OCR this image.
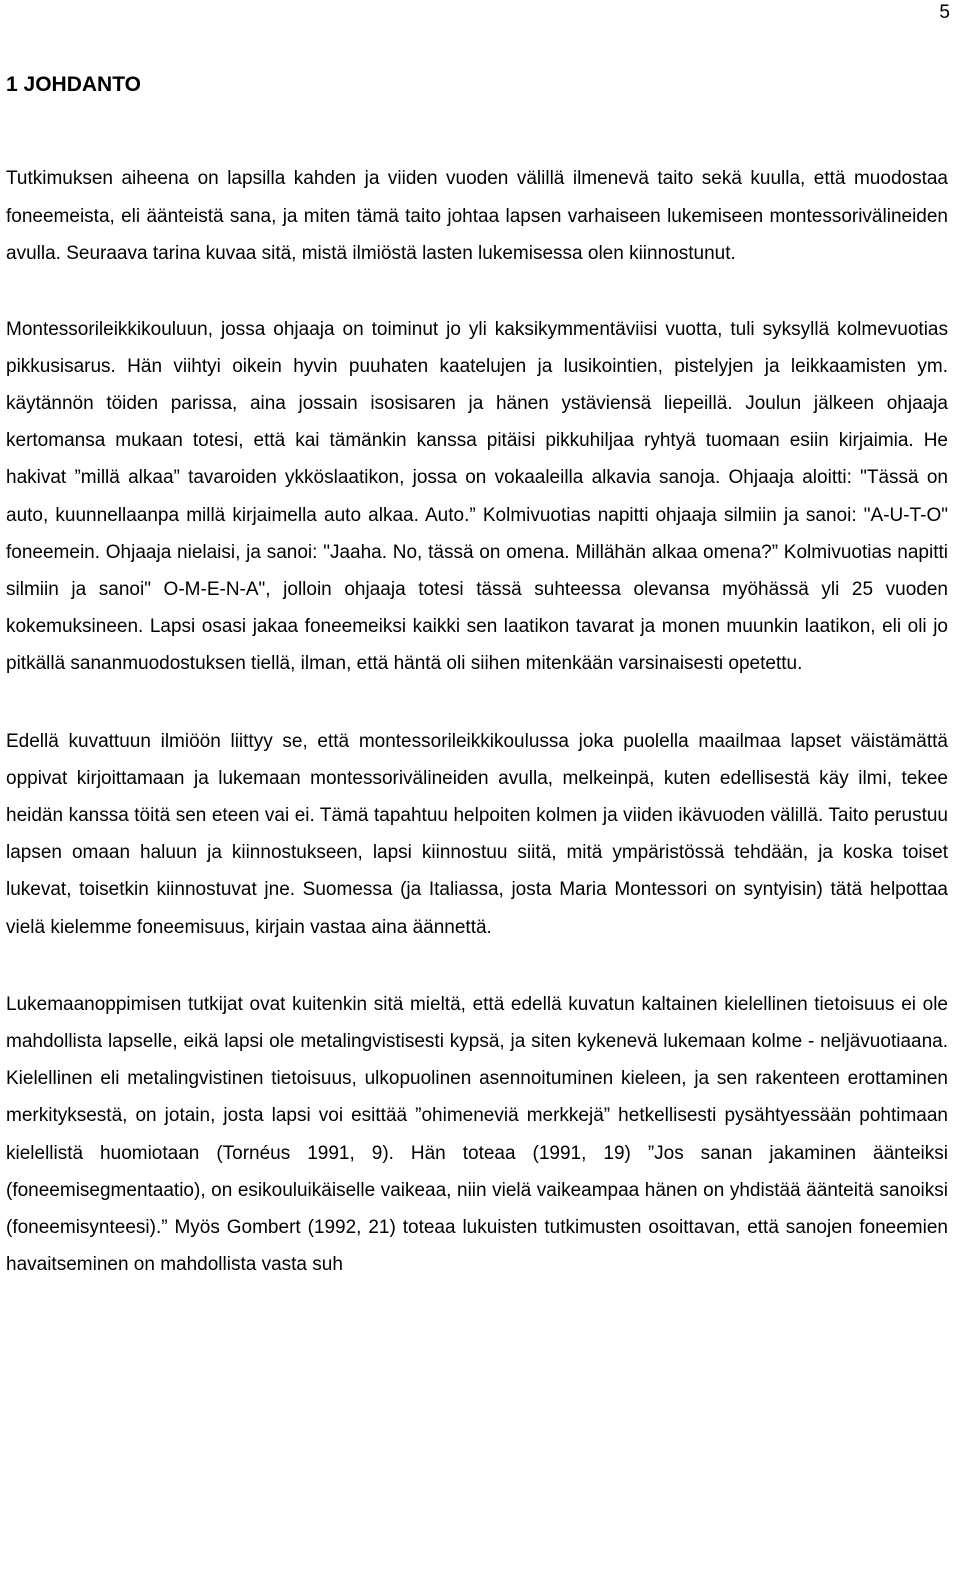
5
1 JOHDANTO

Tutkimuksen aiheena on lapsilla kahden ja viiden vuoden välillä ilmenevä taito sekä kuulla, että muodostaa foneemeista, eli äänteistä sana, ja miten tämä taito johtaa lapsen varhaiseen lukemiseen montessorivälineiden avulla. Seuraava tarina kuvaa sitä, mistä ilmiöstä lasten lukemisessa olen kiinnostunut.

Montessorileikkikouluun, jossa ohjaaja on toiminut jo yli kaksikymmentäviisi vuotta, tuli syksyllä kolmevuotias pikkusisarus. Hän viihtyi oikein hyvin puuhaten kaatelujen ja lusikointien, pistelyjen ja leikkaamisten ym. käytännön töiden parissa, aina jossain isosisaren ja hänen ystäviensä liepeillä. Joulun jälkeen ohjaaja kertomansa mukaan totesi, että kai tämänkin kanssa pitäisi pikkuhiljaa ryhtyä tuomaan esiin kirjaimia. He hakivat ”millä alkaa” tavaroiden ykköslaatikon, jossa on vokaaleilla alkavia sanoja. Ohjaaja aloitti: "Tässä on auto, kuunnellaanpa millä kirjaimella auto alkaa. Auto.” Kolmivuotias napitti ohjaaja silmiin ja sanoi: "A-U-T-O" foneemein. Ohjaaja nielaisi, ja sanoi: "Jaaha. No, tässä on omena. Millähän alkaa omena?” Kolmivuotias napitti silmiin ja sanoi" O-M-E-N-A", jolloin ohjaaja totesi tässä suhteessa olevansa myöhässä yli 25 vuoden kokemuksineen. Lapsi osasi jakaa foneemeiksi kaikki sen laatikon tavarat ja monen muunkin laatikon, eli oli jo pitkällä sananmuodostuksen tiellä, ilman, että häntä oli siihen mitenkään varsinaisesti opetettu.

Edellä kuvattuun ilmiöön liittyy se, että montessorileikkikoulussa joka puolella maailmaa lapset väistämättä oppivat kirjoittamaan ja lukemaan montessorivälineiden avulla, melkeinpä, kuten edellisestä käy ilmi, tekee heidän kanssa töitä sen eteen vai ei. Tämä tapahtuu helpoiten kolmen ja viiden ikävuoden välillä. Taito perustuu lapsen omaan haluun ja kiinnostukseen, lapsi kiinnostuu siitä, mitä ympäristössä tehdään, ja koska toiset lukevat, toisetkin kiinnostuvat jne. Suomessa (ja Italiassa, josta Maria Montessori on syntyisin) tätä helpottaa vielä kielemme foneemisuus, kirjain vastaa aina äännettä.

Lukemaanoppimisen tutkijat ovat kuitenkin sitä mieltä, että edellä kuvatun kaltainen kielellinen tietoisuus ei ole mahdollista lapselle, eikä lapsi ole metalingvistisesti kypsä, ja siten kykenevä lukemaan kolme - neljävuotiaana. Kielellinen eli metalingvistinen tietoisuus, ulkopuolinen asennoituminen kieleen, ja sen rakenteen erottaminen merkityksestä, on jotain, josta lapsi voi esittää ”ohimeneviä merkkejä” hetkellisesti pysähtyessään pohtimaan kielellistä huomiotaan (Tornéus 1991, 9). Hän toteaa (1991, 19) ”Jos sanan jakaminen äänteiksi (foneemisegmentaatio), on esikouluikäiselle vaikeaa, niin vielä vaikeampaa hänen on yhdistää äänteitä sanoiksi (foneemisynteesi).” Myös Gombert (1992, 21) toteaa lukuisten tutkimusten osoittavan, että sanojen foneemien havaitseminen on mahdollista vasta suh
